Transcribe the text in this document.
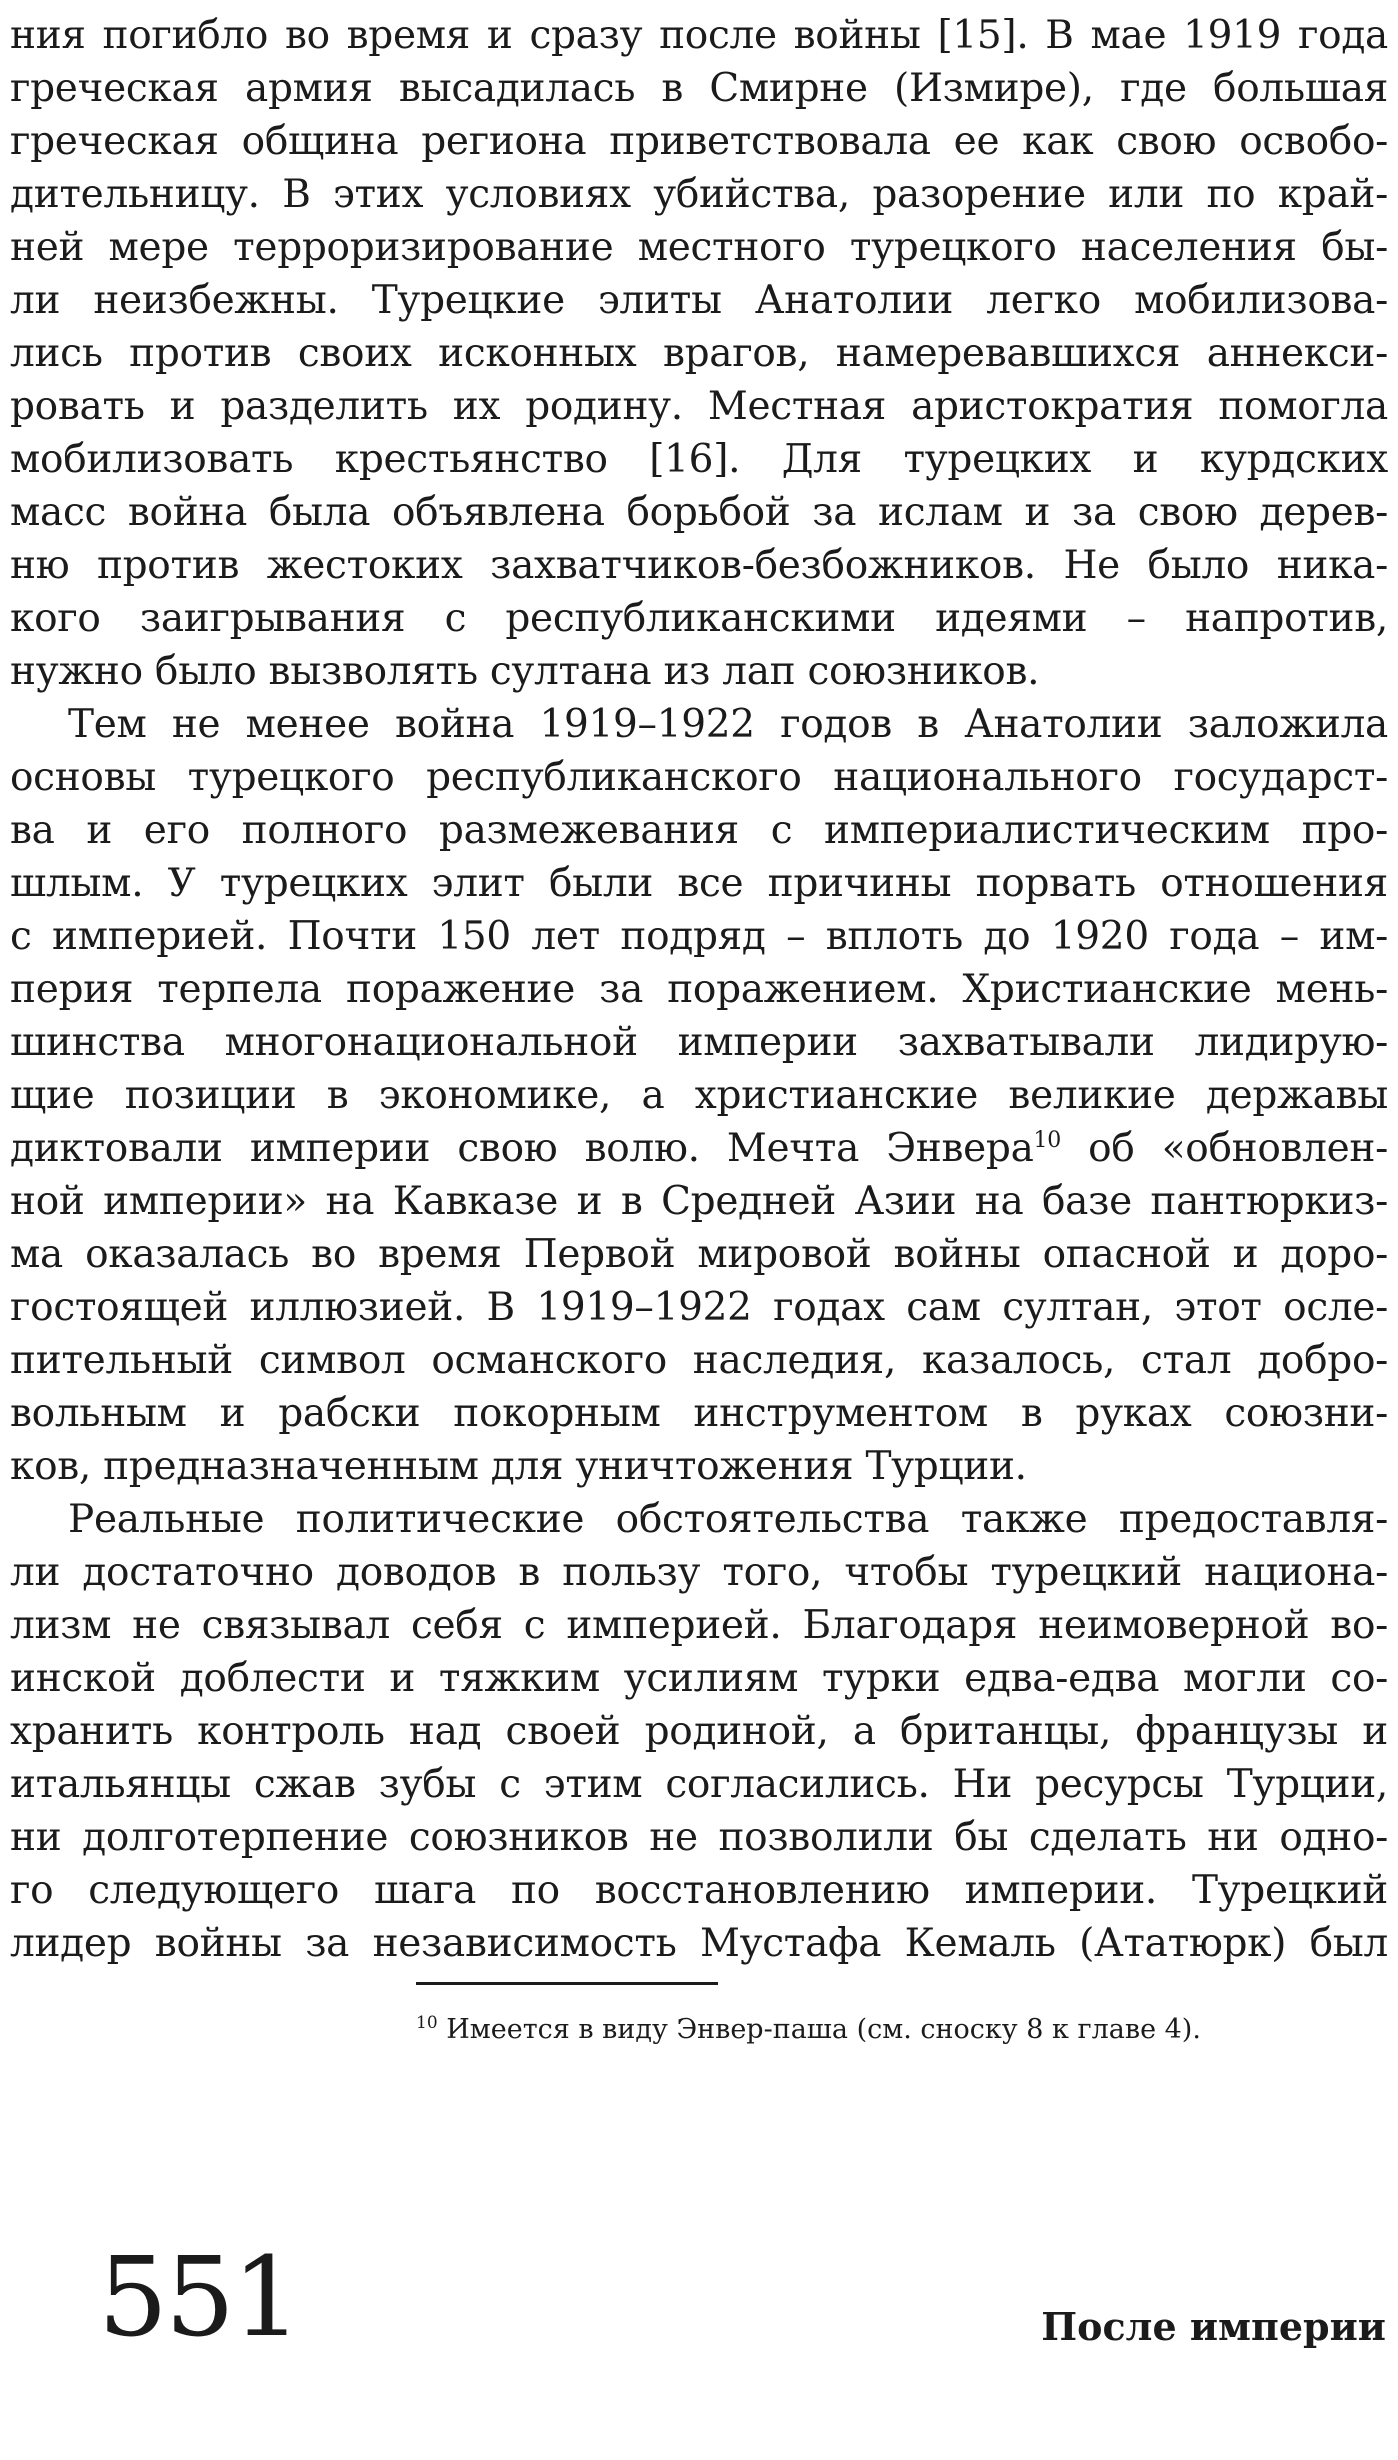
ния погибло во время и сразу после войны [15]. В мае 1919 года
греческая армия высадилась в Смирне (Измире), где большая
греческая община региона приветствовала ее как свою освобо-
дительницу. В этих условиях убийства, разорение или по край-
ней мере терроризирование местного турецкого населения бы-
ли неизбежны. Турецкие элиты Анатолии легко мобилизова-
лись против своих исконных врагов, намеревавшихся аннекси-
ровать и разделить их родину. Местная аристократия помогла
мобилизовать крестьянство [16]. Для турецких и курдских
масс война была объявлена борьбой за ислам и за свою дерев-
ню против жестоких захватчиков-безбожников. Не было ника-
кого заигрывания с республиканскими идеями – напротив,
нужно было вызволять султана из лап союзников.
Тем не менее война 1919–1922 годов в Анатолии заложила
основы турецкого республиканского национального государст-
ва и его полного размежевания с империалистическим про-
шлым. У турецких элит были все причины порвать отношения
с империей. Почти 150 лет подряд – вплоть до 1920 года – им-
перия терпела поражение за поражением. Христианские мень-
шинства многонациональной империи захватывали лидирую-
щие позиции в экономике, а христианские великие державы
диктовали империи свою волю. Мечта Энвера$^{10}$ об «обновлен-
ной империи» на Кавказе и в Средней Азии на базе пантюркиз-
ма оказалась во время Первой мировой войны опасной и доро-
гостоящей иллюзией. В 1919–1922 годах сам султан, этот осле-
пительный символ османского наследия, казалось, стал добро-
вольным и рабски покорным инструментом в руках союзни-
ков, предназначенным для уничтожения Турции.
Реальные политические обстоятельства также предоставля-
ли достаточно доводов в пользу того, чтобы турецкий национа-
лизм не связывал себя с империей. Благодаря неимоверной во-
инской доблести и тяжким усилиям турки едва-едва могли со-
хранить контроль над своей родиной, а британцы, французы и
итальянцы сжав зубы с этим согласились. Ни ресурсы Турции,
ни долготерпение союзников не позволили бы сделать ни одно-
го следующего шага по восстановлению империи. Турецкий
лидер войны за независимость Мустафа Кемаль (Ататюрк) был
$^{10}$ Имеется в виду Энвер-паша (см. сноску 8 к главе 4).
551	После империи
